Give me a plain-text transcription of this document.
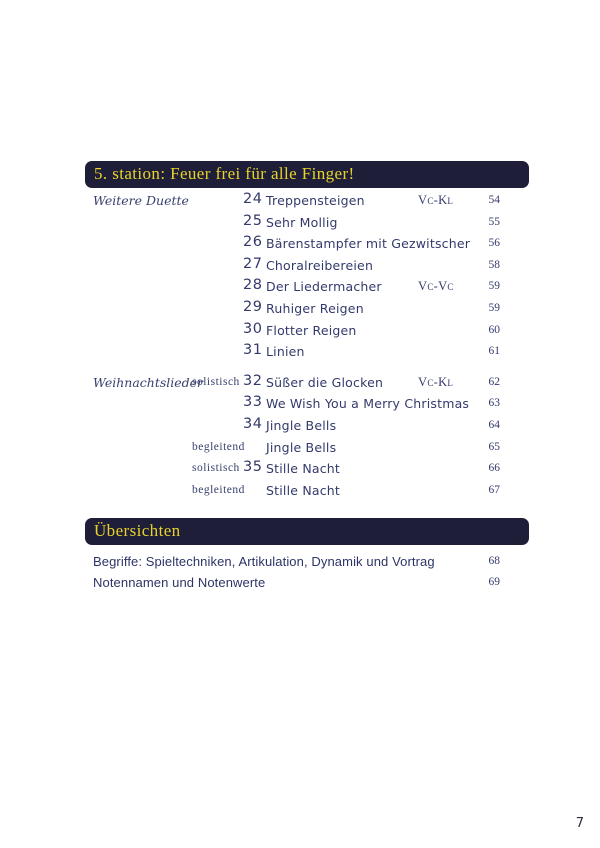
5. station: Feuer frei für alle Finger!
Weitere Duette	24 Treppensteigen	Vc-Kl	54
25 Sehr Mollig	55
26 Bärenstampfer mit Gezwitscher	56
27 Choralreibereien	58
28 Der Liedermacher	Vc-Vc	59
29 Ruhiger Reigen	59
30 Flotter Reigen	60
31 Linien	61
Weihnachtslieder
solistisch 32 Süßer die Glocken	Vc-Kl	62
33 We Wish You a Merry Christmas	63
34 Jingle Bells	64
begleitend Jingle Bells	65
solistisch 35 Stille Nacht	66
begleitend Stille Nacht	67
Übersichten
Begriffe: Spieltechniken, Artikulation, Dynamik und Vortrag	68
Notennamen und Notenwerte	69
7
